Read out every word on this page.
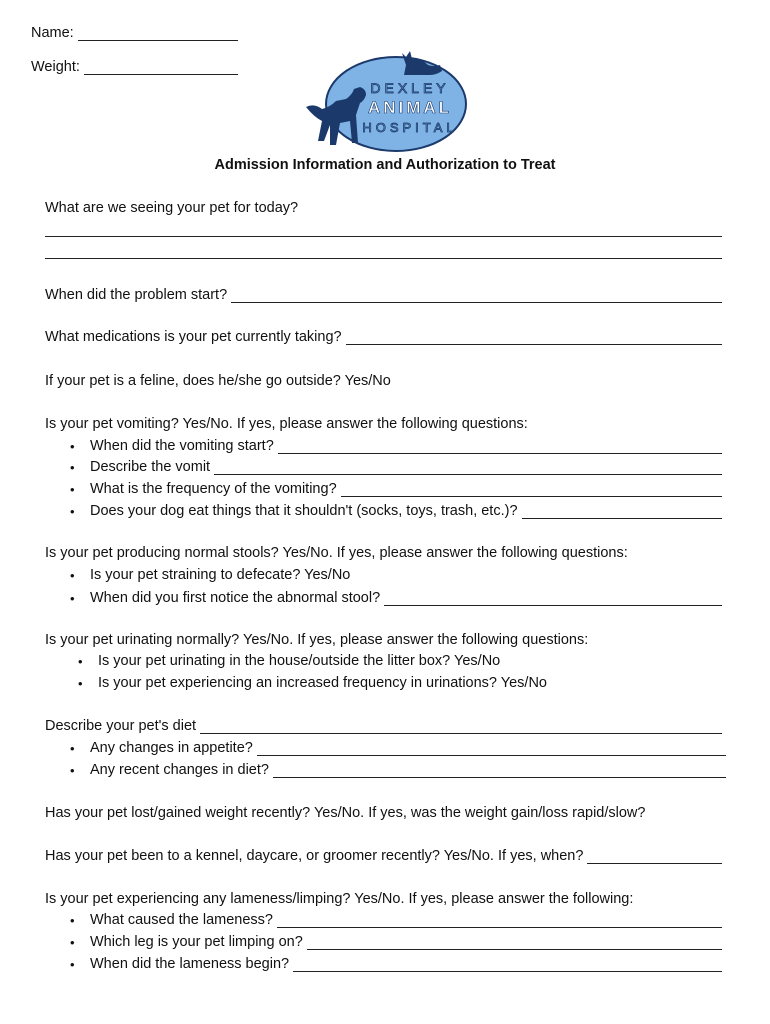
Name:
Weight:
DEXLEY
ANIMAL
HOSPITAL
Admission Information and Authorization to Treat
What are we seeing your pet for today?
When did the problem start?
What medications is your pet currently taking?
If your pet is a feline, does he/she go outside? Yes/No
Is your pet vomiting? Yes/No. If yes, please answer the following questions:
•	When did the vomiting start?
•	Describe the vomit
•	What is the frequency of the vomiting?
•	Does your dog eat things that it shouldn't (socks, toys, trash, etc.)?
Is your pet producing normal stools? Yes/No. If yes, please answer the following questions:
•	Is your pet straining to defecate? Yes/No
•	When did you first notice the abnormal stool?
Is your pet urinating normally? Yes/No. If yes, please answer the following questions:
•	Is your pet urinating in the house/outside the litter box? Yes/No
•	Is your pet experiencing an increased frequency in urinations? Yes/No
Describe your pet's diet
•	Any changes in appetite?
•	Any recent changes in diet?
Has your pet lost/gained weight recently? Yes/No. If yes, was the weight gain/loss rapid/slow?
Has your pet been to a kennel, daycare, or groomer recently? Yes/No. If yes, when?
Is your pet experiencing any lameness/limping? Yes/No. If yes, please answer the following:
•	What caused the lameness?
•	Which leg is your pet limping on?
•	When did the lameness begin?
